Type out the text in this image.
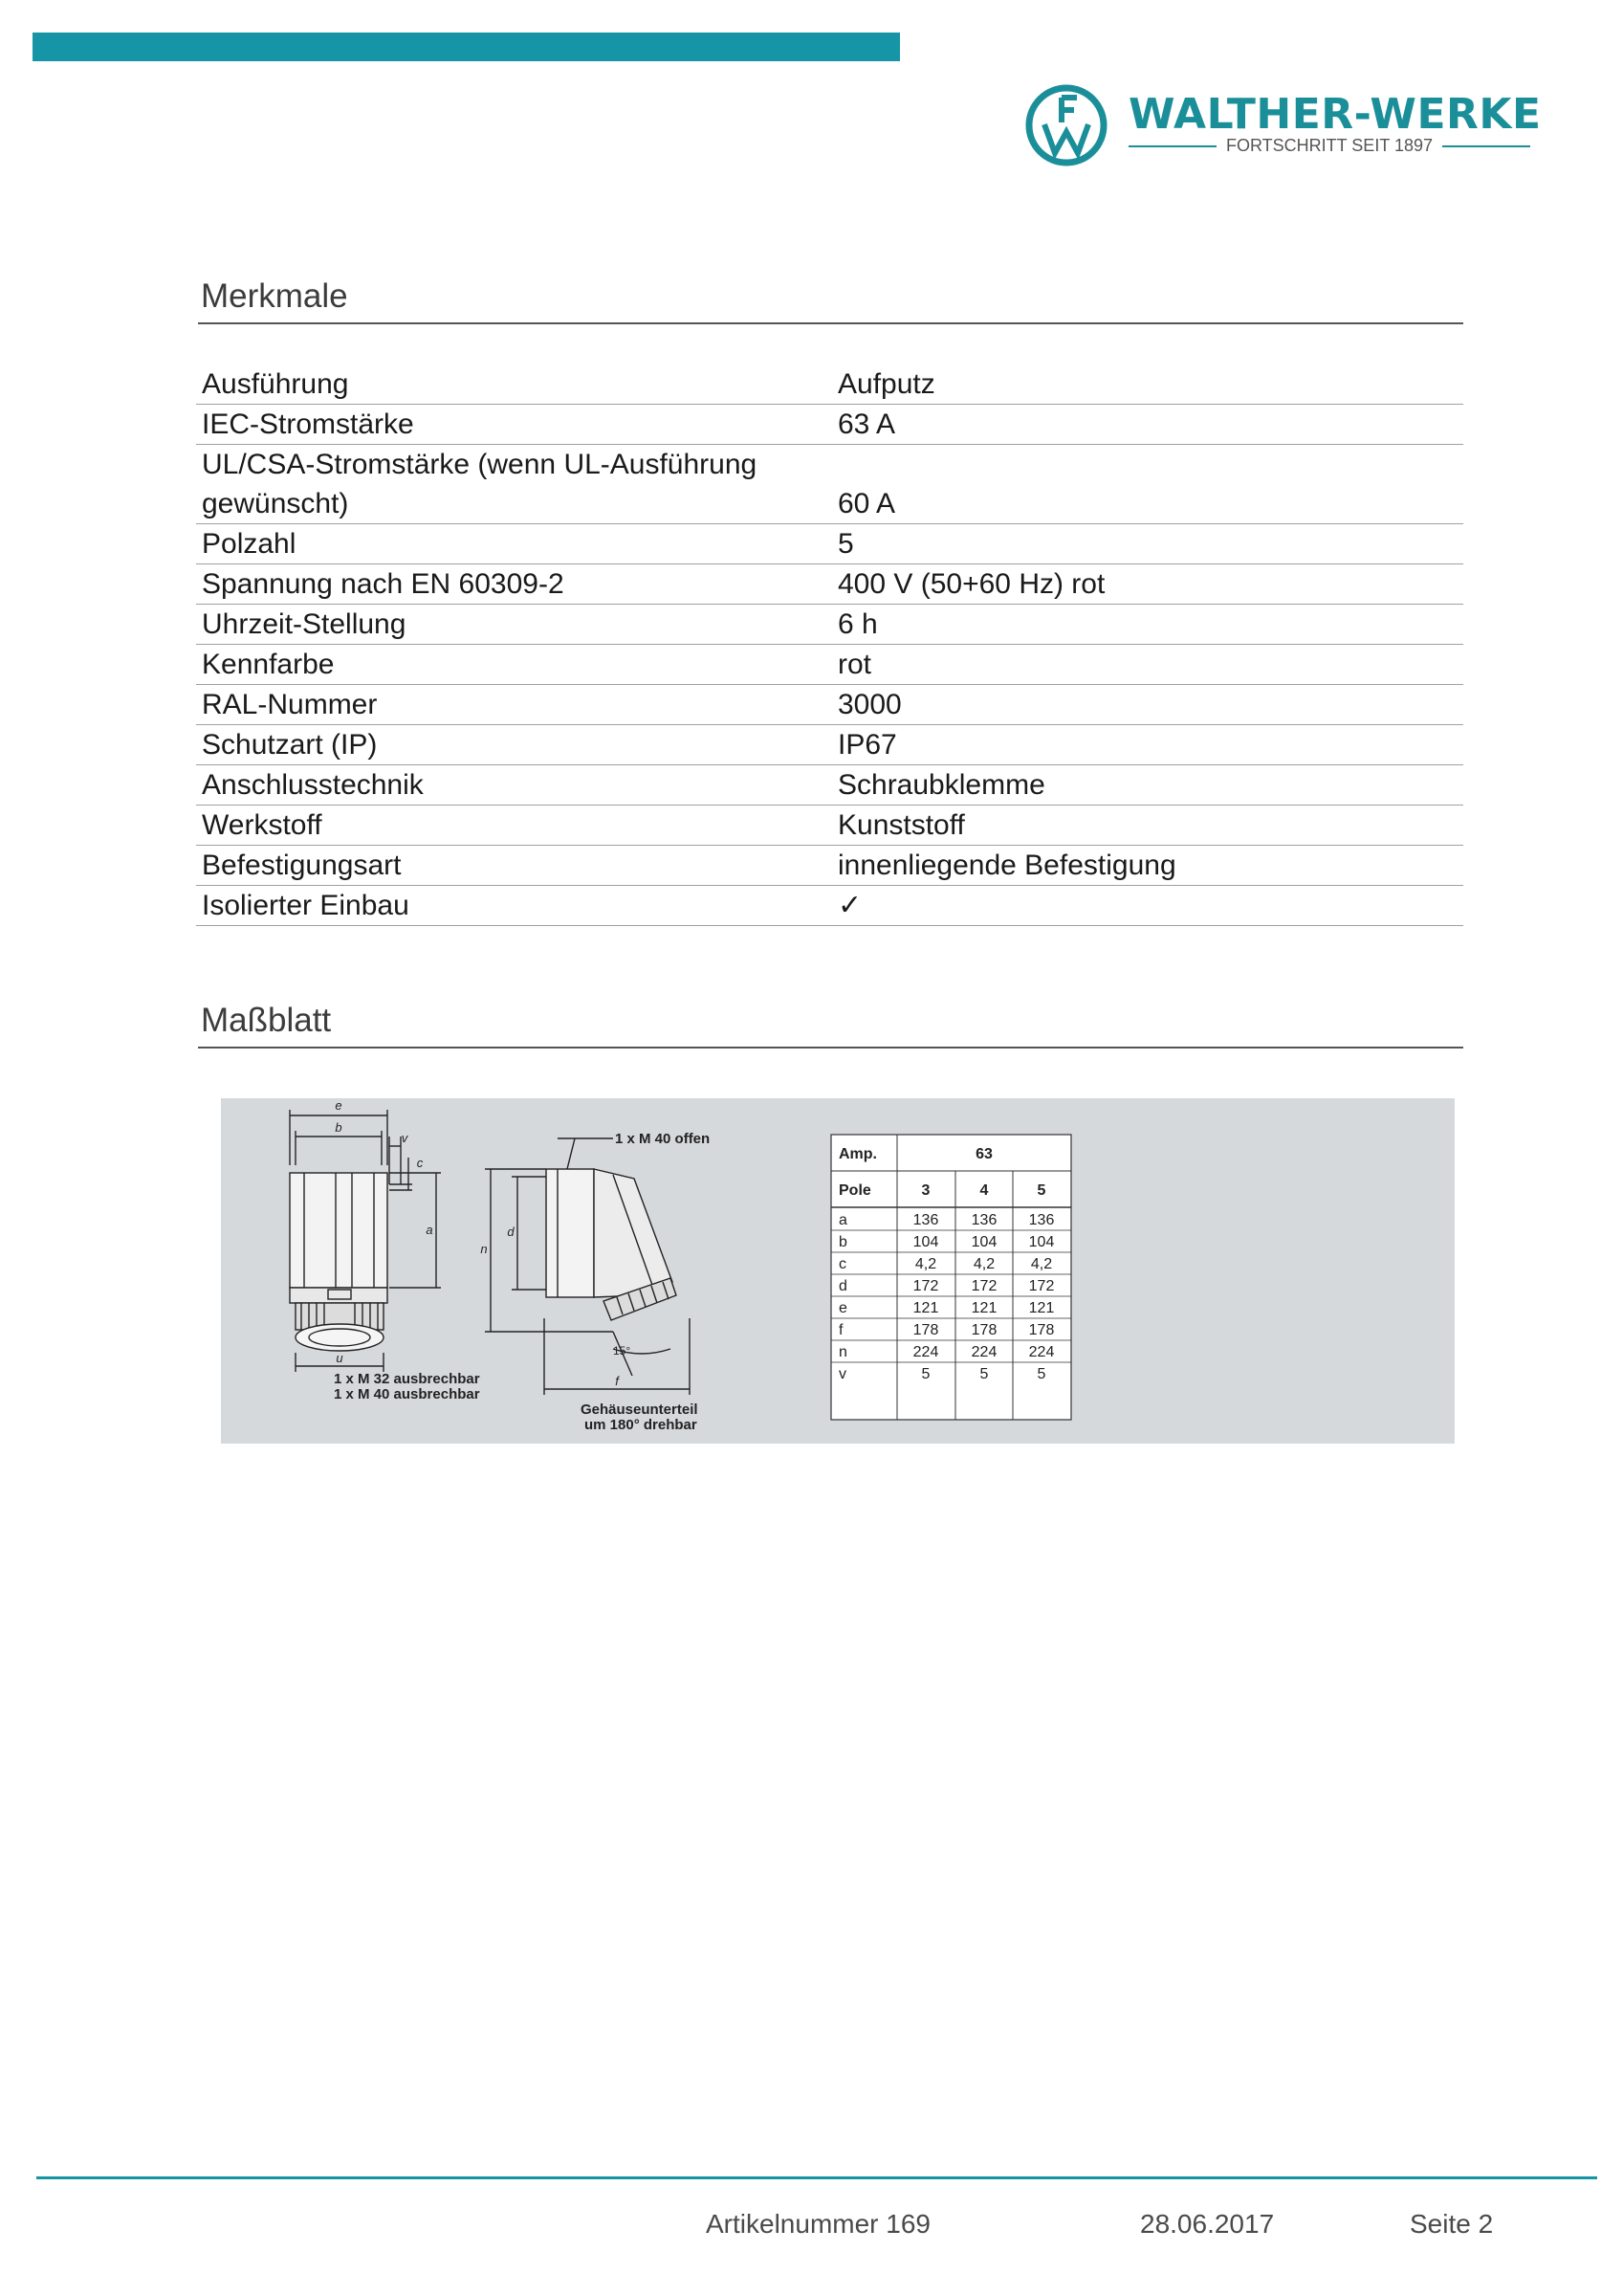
WALTHER-WERKE
FORTSCHRITT SEIT 1897
Merkmale
Ausführung	Aufputz
IEC-Stromstärke	63 A
UL/CSA-Stromstärke (wenn UL-Ausführung gewünscht)	60 A
Polzahl	5
Spannung nach EN 60309-2	400 V (50+60 Hz) rot
Uhrzeit-Stellung	6 h
Kennfarbe	rot
RAL-Nummer	3000
Schutzart (IP)	IP67
Anschlusstechnik	Schraubklemme
Werkstoff	Kunststoff
Befestigungsart	innenliegende Befestigung
Isolierter Einbau	✓
Maßblatt
e
b
v
c
a
u
n
d
f
1 x M 40 offen
1 x M 32 ausbrechbar
1 x M 40 ausbrechbar
15°
Gehäuseunterteil
um 180° drehbar
Amp.	63
Pole	3	4	5
a	136 136 136
b	104 104 104
c	4,2 4,2 4,2
d	172 172 172
e	121 121 121
f	178 178 178
n	224 224 224
v	5	5	5
Artikelnummer 169	28.06.2017	Seite 2
